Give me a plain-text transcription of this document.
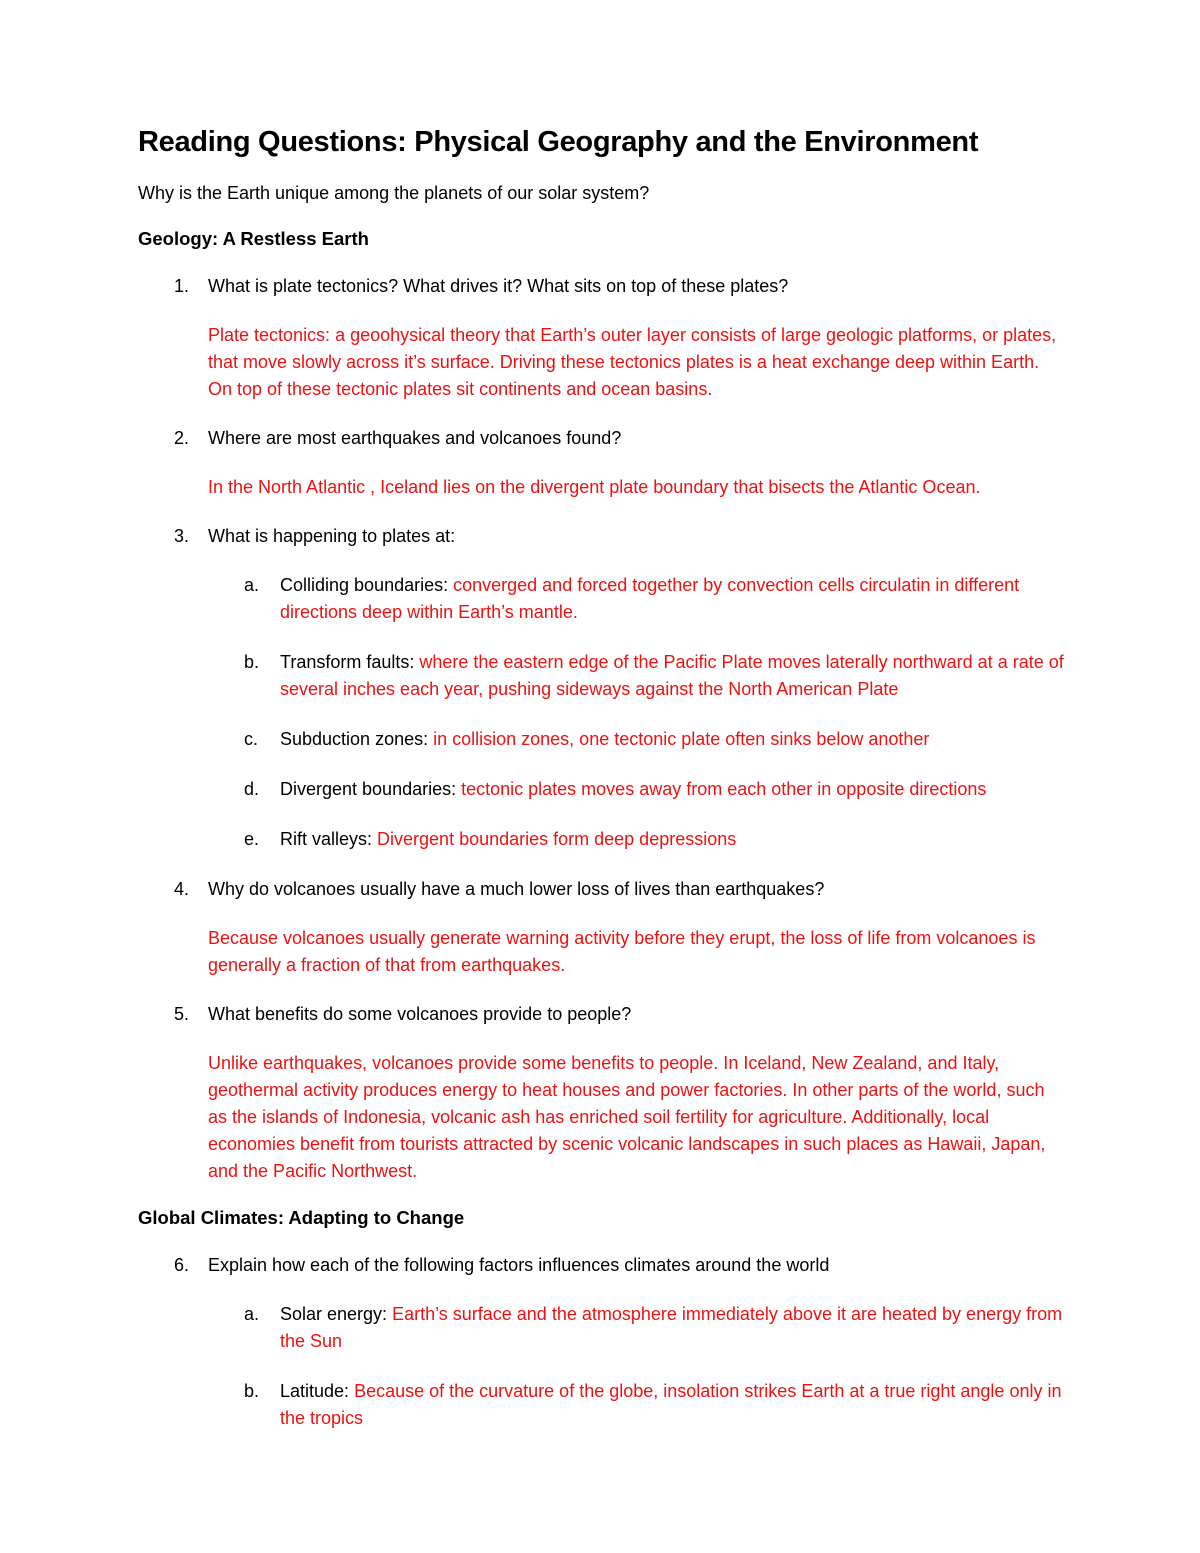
Reading Questions: Physical Geography and the Environment
Why is the Earth unique among the planets of our solar system?
Geology: A Restless Earth
1.	What is plate tectonics? What drives it? What sits on top of these plates?
Plate tectonics: a geoohysical theory that Earth’s outer layer consists of large geologic platforms, or plates, that move slowly across it’s surface. Driving these tectonics plates is a heat exchange deep within Earth. On top of these tectonic plates sit continents and ocean basins.
2.	Where are most earthquakes and volcanoes found?
In the North Atlantic , Iceland lies on the divergent plate boundary that bisects the Atlantic Ocean.
3.	What is happening to plates at:
a.	Colliding boundaries: converged and forced together by convection cells circulatin in different directions deep within Earth’s mantle.
b.	Transform faults: where the eastern edge of the Pacific Plate moves laterally northward at a rate of several inches each year, pushing sideways against the North American Plate
c.	Subduction zones: in collision zones, one tectonic plate often sinks below another
d.	Divergent boundaries: tectonic plates moves away from each other in opposite directions
e.	Rift valleys: Divergent boundaries form deep depressions
4.	Why do volcanoes usually have a much lower loss of lives than earthquakes?
Because volcanoes usually generate warning activity before they erupt, the loss of life from volcanoes is generally a fraction of that from earthquakes.
5.	What benefits do some volcanoes provide to people?
Unlike earthquakes, volcanoes provide some benefits to people. In Iceland, New Zealand, and Italy, geothermal activity produces energy to heat houses and power factories. In other parts of the world, such as the islands of Indonesia, volcanic ash has enriched soil fertility for agriculture. Additionally, local economies benefit from tourists attracted by scenic volcanic landscapes in such places as Hawaii, Japan, and the Pacific Northwest.
Global Climates: Adapting to Change
6.	Explain how each of the following factors influences climates around the world
a.	Solar energy: Earth’s surface and the atmosphere immediately above it are heated by energy from the Sun
b.	Latitude: Because of the curvature of the globe, insolation strikes Earth at a true right angle only in the tropics
